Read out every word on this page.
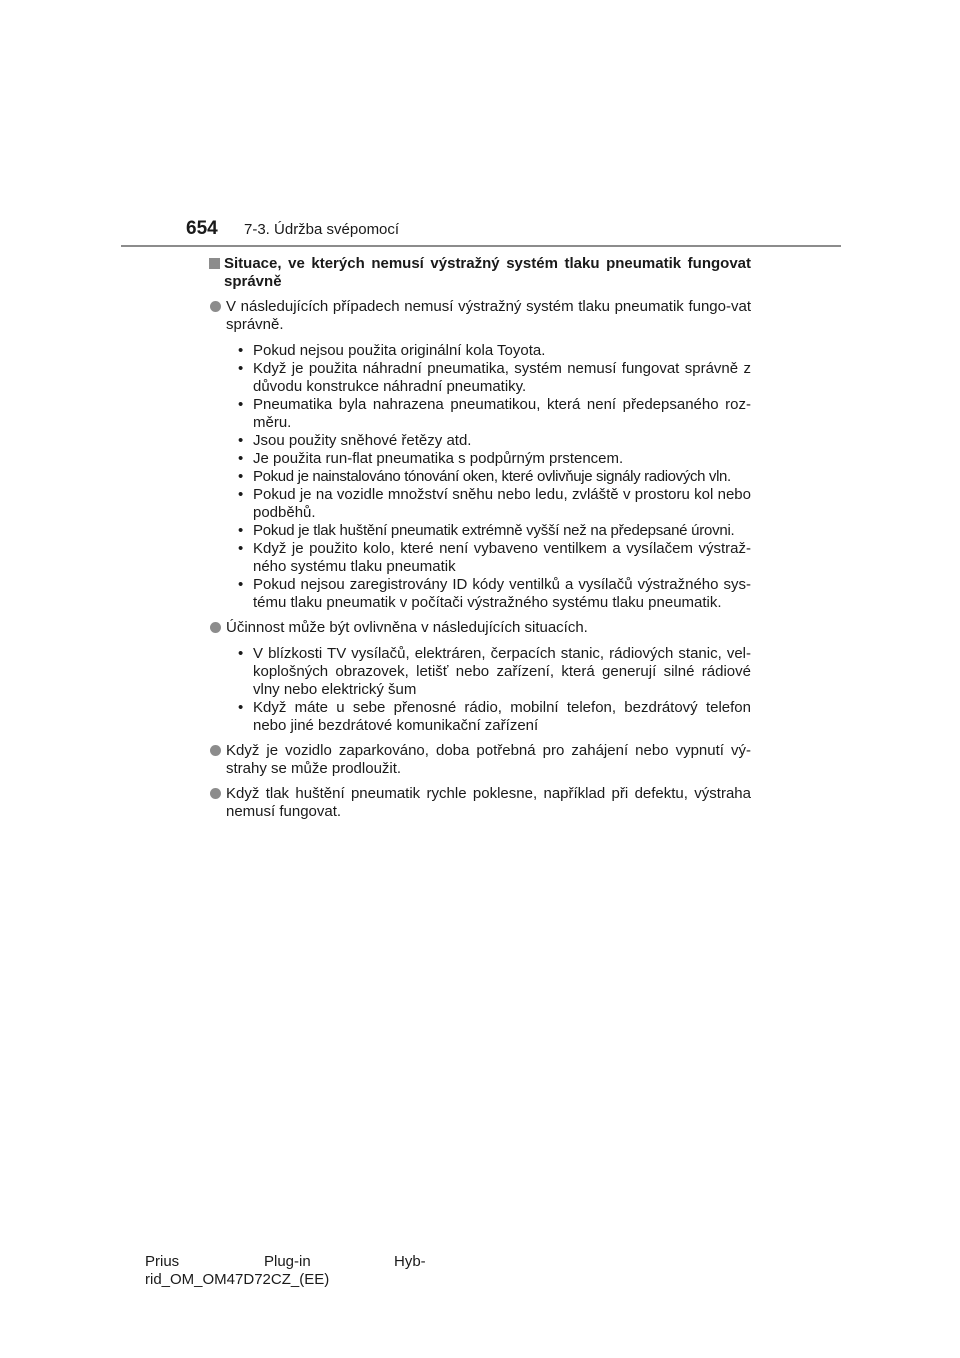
654 7-3. Údržba svépomocí
Situace, ve kterých nemusí výstražný systém tlaku pneumatik fungovat správně
V následujících případech nemusí výstražný systém tlaku pneumatik fungo-vat správně.
• Pokud nejsou použita originální kola Toyota.
• Když je použita náhradní pneumatika, systém nemusí fungovat správně z důvodu konstrukce náhradní pneumatiky.
• Pneumatika byla nahrazena pneumatikou, která není předepsaného roz-měru.
• Jsou použity sněhové řetězy atd.
• Je použita run-flat pneumatika s podpůrným prstencem.
• Pokud je nainstalováno tónování oken, které ovlivňuje signály radiových vln.
• Pokud je na vozidle množství sněhu nebo ledu, zvláště v prostoru kol nebo podběhů.
• Pokud je tlak huštění pneumatik extrémně vyšší než na předepsané úrovni.
• Když je použito kolo, které není vybaveno ventilkem a vysílačem výstraž-ného systému tlaku pneumatik
• Pokud nejsou zaregistrovány ID kódy ventilků a vysílačů výstražného sys-tému tlaku pneumatik v počítači výstražného systému tlaku pneumatik.
Účinnost může být ovlivněna v následujících situacích.
• V blízkosti TV vysílačů, elektráren, čerpacích stanic, rádiových stanic, vel-koplošných obrazovek, letišť nebo zařízení, která generují silné rádiové vlny nebo elektrický šum
• Když máte u sebe přenosné rádio, mobilní telefon, bezdrátový telefon nebo jiné bezdrátové komunikační zařízení
Když je vozidlo zaparkováno, doba potřebná pro zahájení nebo vypnutí vý-strahy se může prodloužit.
Když tlak huštění pneumatik rychle poklesne, například při defektu, výstraha nemusí fungovat.
Prius	Plug-in	Hyb-
rid_OM_OM47D72CZ_(EE)
